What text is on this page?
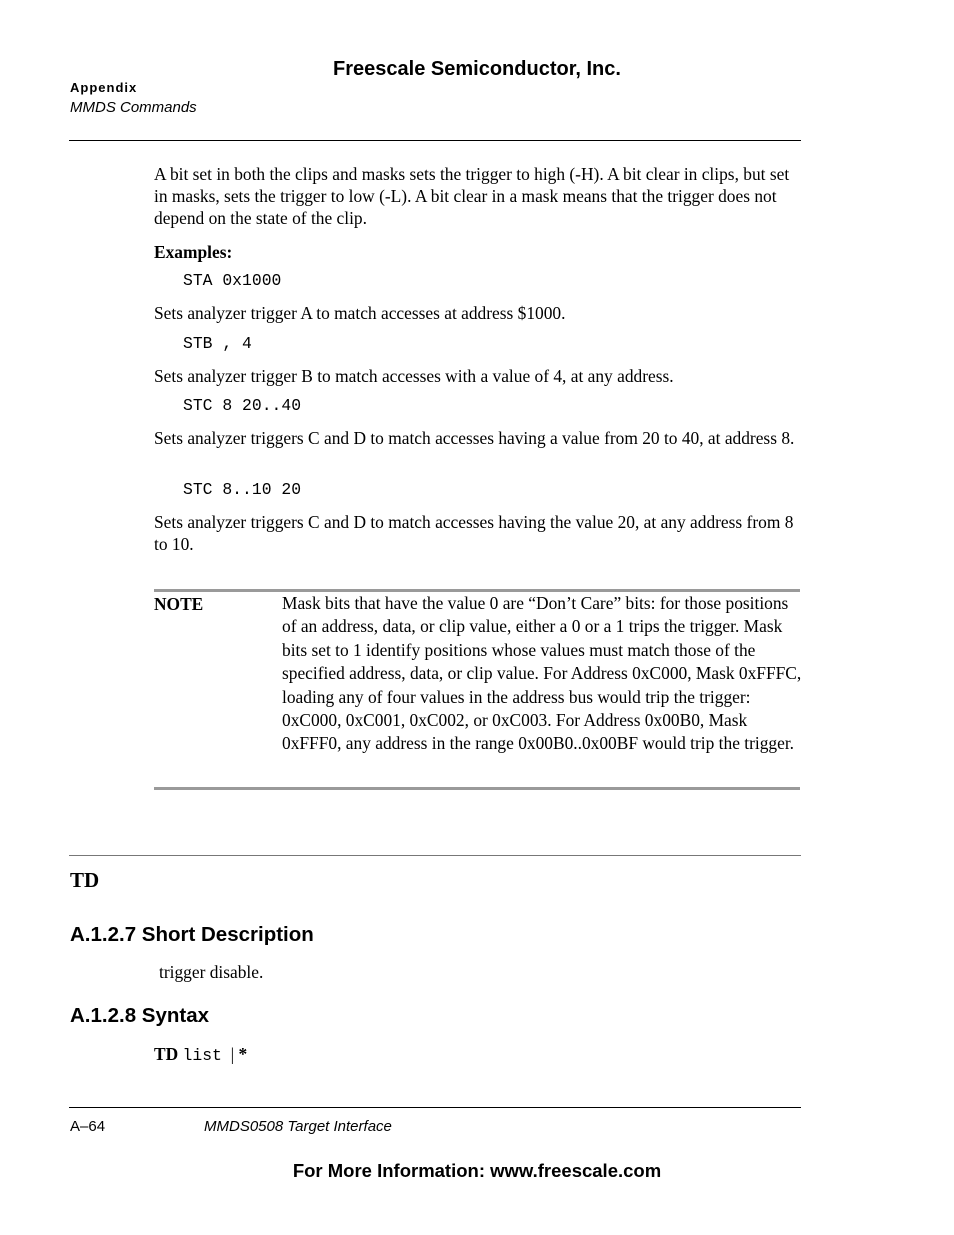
Freescale Semiconductor, Inc.
Appendix
MMDS Commands
A bit set in both the clips and masks sets the trigger to high (-H). A bit clear in clips, but set in masks, sets the trigger to low (-L). A bit clear in a mask means that the trigger does not depend on the state of the clip.
Examples:
STA 0x1000
Sets analyzer trigger A to match accesses at address $1000.
STB , 4
Sets analyzer trigger B to match accesses with a value of 4, at any address.
STC 8 20..40
Sets analyzer triggers C and D to match accesses having a value from 20 to 40, at address 8.
STC 8..10 20
Sets analyzer triggers C and D to match accesses having the value 20, at any address from 8 to 10.
NOTE	Mask bits that have the value 0 are “Don’t Care” bits: for those positions of an address, data, or clip value, either a 0 or a 1 trips the trigger. Mask bits set to 1 identify positions whose values must match those of the specified address, data, or clip value. For Address 0xC000, Mask 0xFFFC, loading any of four values in the address bus would trip the trigger: 0xC000, 0xC001, 0xC002, or 0xC003. For Address 0x00B0, Mask 0xFFF0, any address in the range 0x00B0..0x00BF would trip the trigger.
TD
A.1.2.7 Short Description
trigger disable.
A.1.2.8 Syntax
TD list | *
A–64	MMDS0508 Target Interface
For More Information: www.freescale.com
